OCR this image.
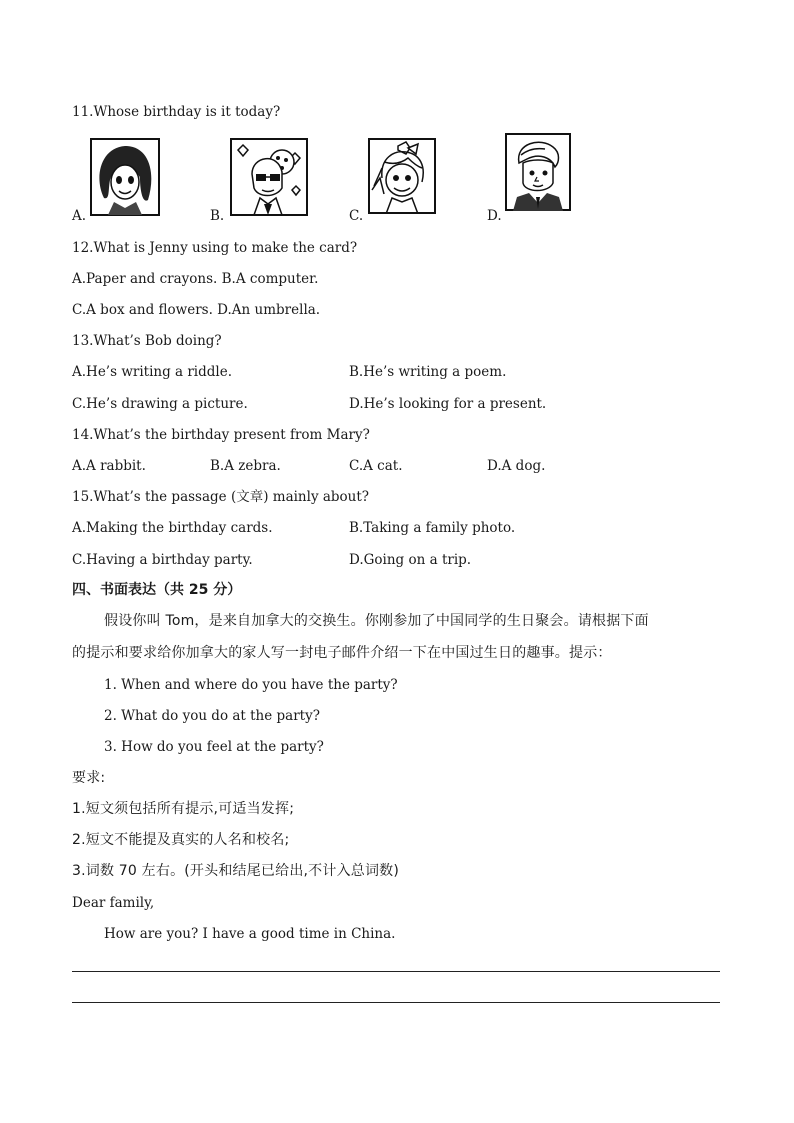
11.Whose birthday is it today?
A.	B.	C.	D.
12.What is Jenny using to make the card?
A.Paper and crayons. B.A computer.
C.A box and flowers. D.An umbrella.
13.What’s Bob doing?
A.He’s writing a riddle.	B.He’s writing a poem.
C.He’s drawing a picture.	D.He’s looking for a present.
14.What’s the birthday present from Mary?
A.A rabbit.	B.A zebra.	C.A cat.	D.A dog.
15.What’s the passage (文章) mainly about?
A.Making the birthday cards.	B.Taking a family photo.
C.Having a birthday party.	D.Going on a trip.
四、书面表达（共 25 分）
假设你叫 Tom，是来自加拿大的交换生。你刚参加了中国同学的生日聚会。请根据下面
的提示和要求给你加拿大的家人写一封电子邮件介绍一下在中国过生日的趣事。提示：
1. When and where do you have the party?
2. What do you do at the party?
3. How do you feel at the party?
要求:
1.短文须包括所有提示,可适当发挥;
2.短文不能提及真实的人名和校名;
3.词数 70 左右。(开头和结尾已给出,不计入总词数)
Dear family,
How are you? I have a good time in China.
